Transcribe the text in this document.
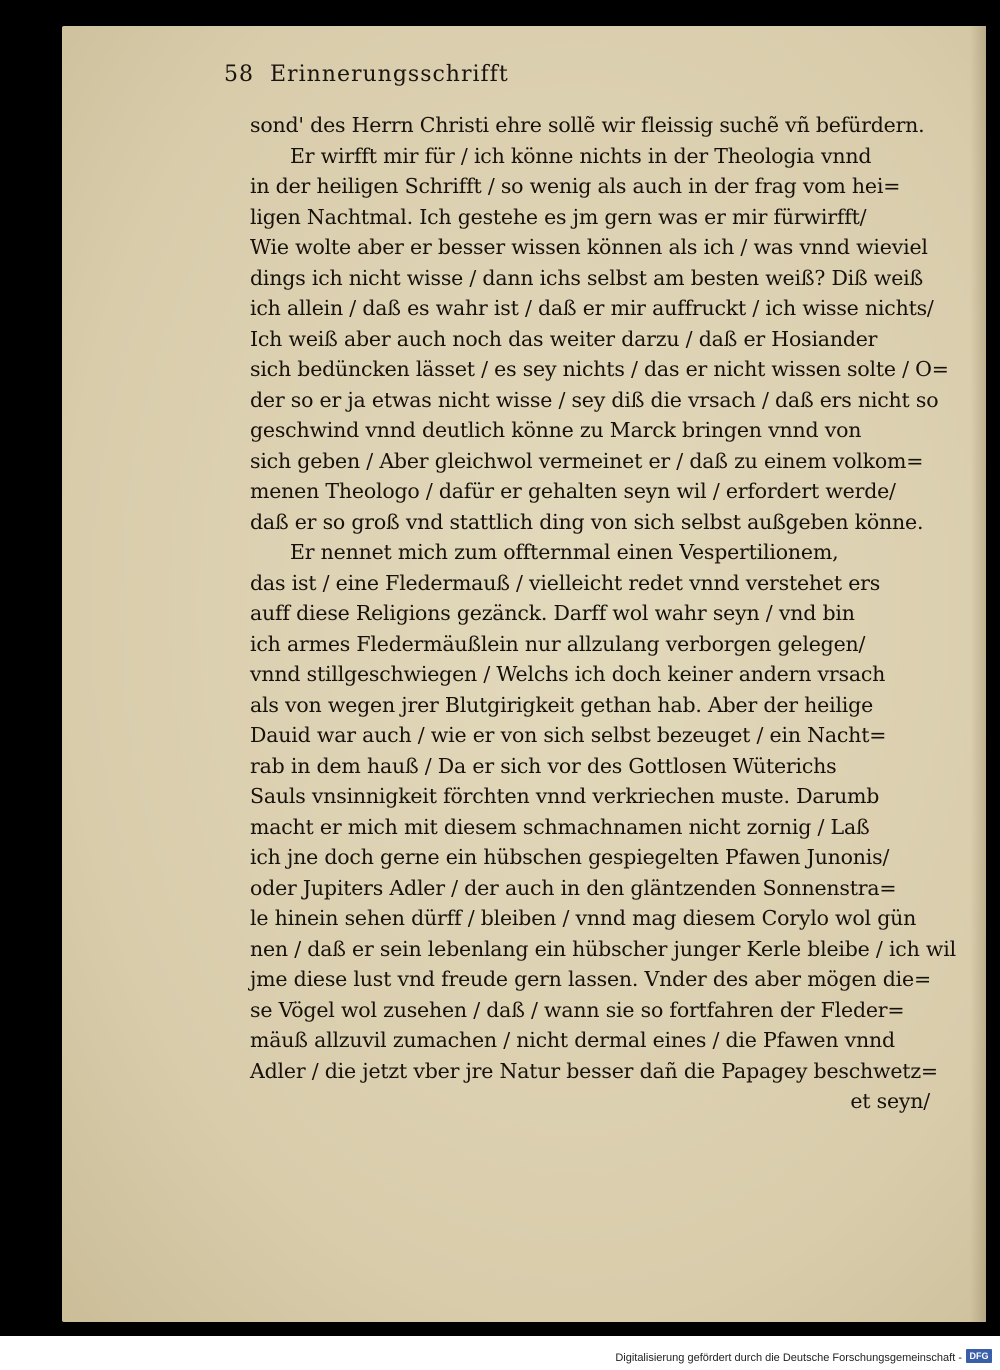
58 Erinnerungsschrifft
sond' des Herrn Christi ehre sollẽ wir fleissig suchẽ vñ befürdern.
Er wirfft mir für / ich könne nichts in der Theologia vnnd
in der heiligen Schrifft / so wenig als auch in der frag vom hei=
ligen Nachtmal. Ich gestehe es jm gern was er mir fürwirfft/
Wie wolte aber er besser wissen können als ich / was vnnd wieviel
dings ich nicht wisse / dann ichs selbst am besten weiß? Diß weiß
ich allein / daß es wahr ist / daß er mir auffruckt / ich wisse nichts/
Ich weiß aber auch noch das weiter darzu / daß er Hosiander
sich bedüncken lässet / es sey nichts / das er nicht wissen solte / O=
der so er ja etwas nicht wisse / sey diß die vrsach / daß ers nicht so
geschwind vnnd deutlich könne zu Marck bringen vnnd von
sich geben / Aber gleichwol vermeinet er / daß zu einem volkom=
menen Theologo / dafür er gehalten seyn wil / erfordert werde/
daß er so groß vnd stattlich ding von sich selbst außgeben könne.
Er nennet mich zum offternmal einen Vespertilionem,
das ist / eine Fledermauß / vielleicht redet vnnd verstehet ers
auff diese Religions gezänck. Darff wol wahr seyn / vnd bin
ich armes Fledermäußlein nur allzulang verborgen gelegen/
vnnd stillgeschwiegen / Welchs ich doch keiner andern vrsach
als von wegen jrer Blutgirigkeit gethan hab. Aber der heilige
Dauid war auch / wie er von sich selbst bezeuget / ein Nacht=
rab in dem hauß / Da er sich vor des Gottlosen Wüterichs
Sauls vnsinnigkeit förchten vnnd verkriechen muste. Darumb
macht er mich mit diesem schmachnamen nicht zornig / Laß
ich jne doch gerne ein hübschen gespiegelten Pfawen Junonis/
oder Jupiters Adler / der auch in den gläntzenden Sonnenstra=
le hinein sehen dürff / bleiben / vnnd mag diesem Corylo wol gün
nen / daß er sein lebenlang ein hübscher junger Kerle bleibe / ich wil
jme diese lust vnd freude gern lassen. Vnder des aber mögen die=
se Vögel wol zusehen / daß / wann sie so fortfahren der Fleder=
mäuß allzuvil zumachen / nicht dermal eines / die Pfawen vnnd
Adler / die jetzt vber jre Natur besser dañ die Papagey beschwetz=
et seyn/
Digitalisierung gefördert durch die Deutsche Forschungsgemeinschaft - DFG
